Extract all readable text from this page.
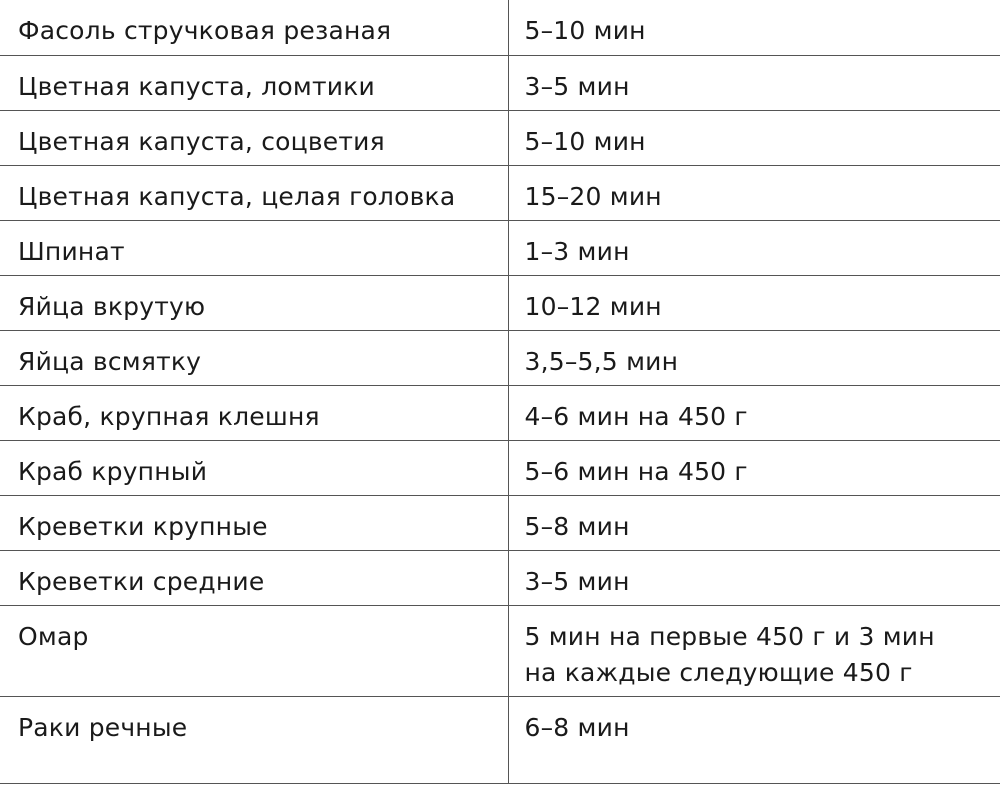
Фасоль стручковая резаная	5–10 мин
Цветная капуста, ломтики	3–5 мин
Цветная капуста, соцветия	5–10 мин
Цветная капуста, целая головка	15–20 мин
Шпинат	1–3 мин
Яйца вкрутую	10–12 мин
Яйца всмятку	3,5–5,5 мин
Краб, крупная клешня	4–6 мин на 450 г
Краб крупный	5–6 мин на 450 г
Креветки крупные	5–8 мин
Креветки средние	3–5 мин
Омар	5 мин на первые 450 г и 3 мин
на каждые следующие 450 г

Раки речные	6–8 мин
